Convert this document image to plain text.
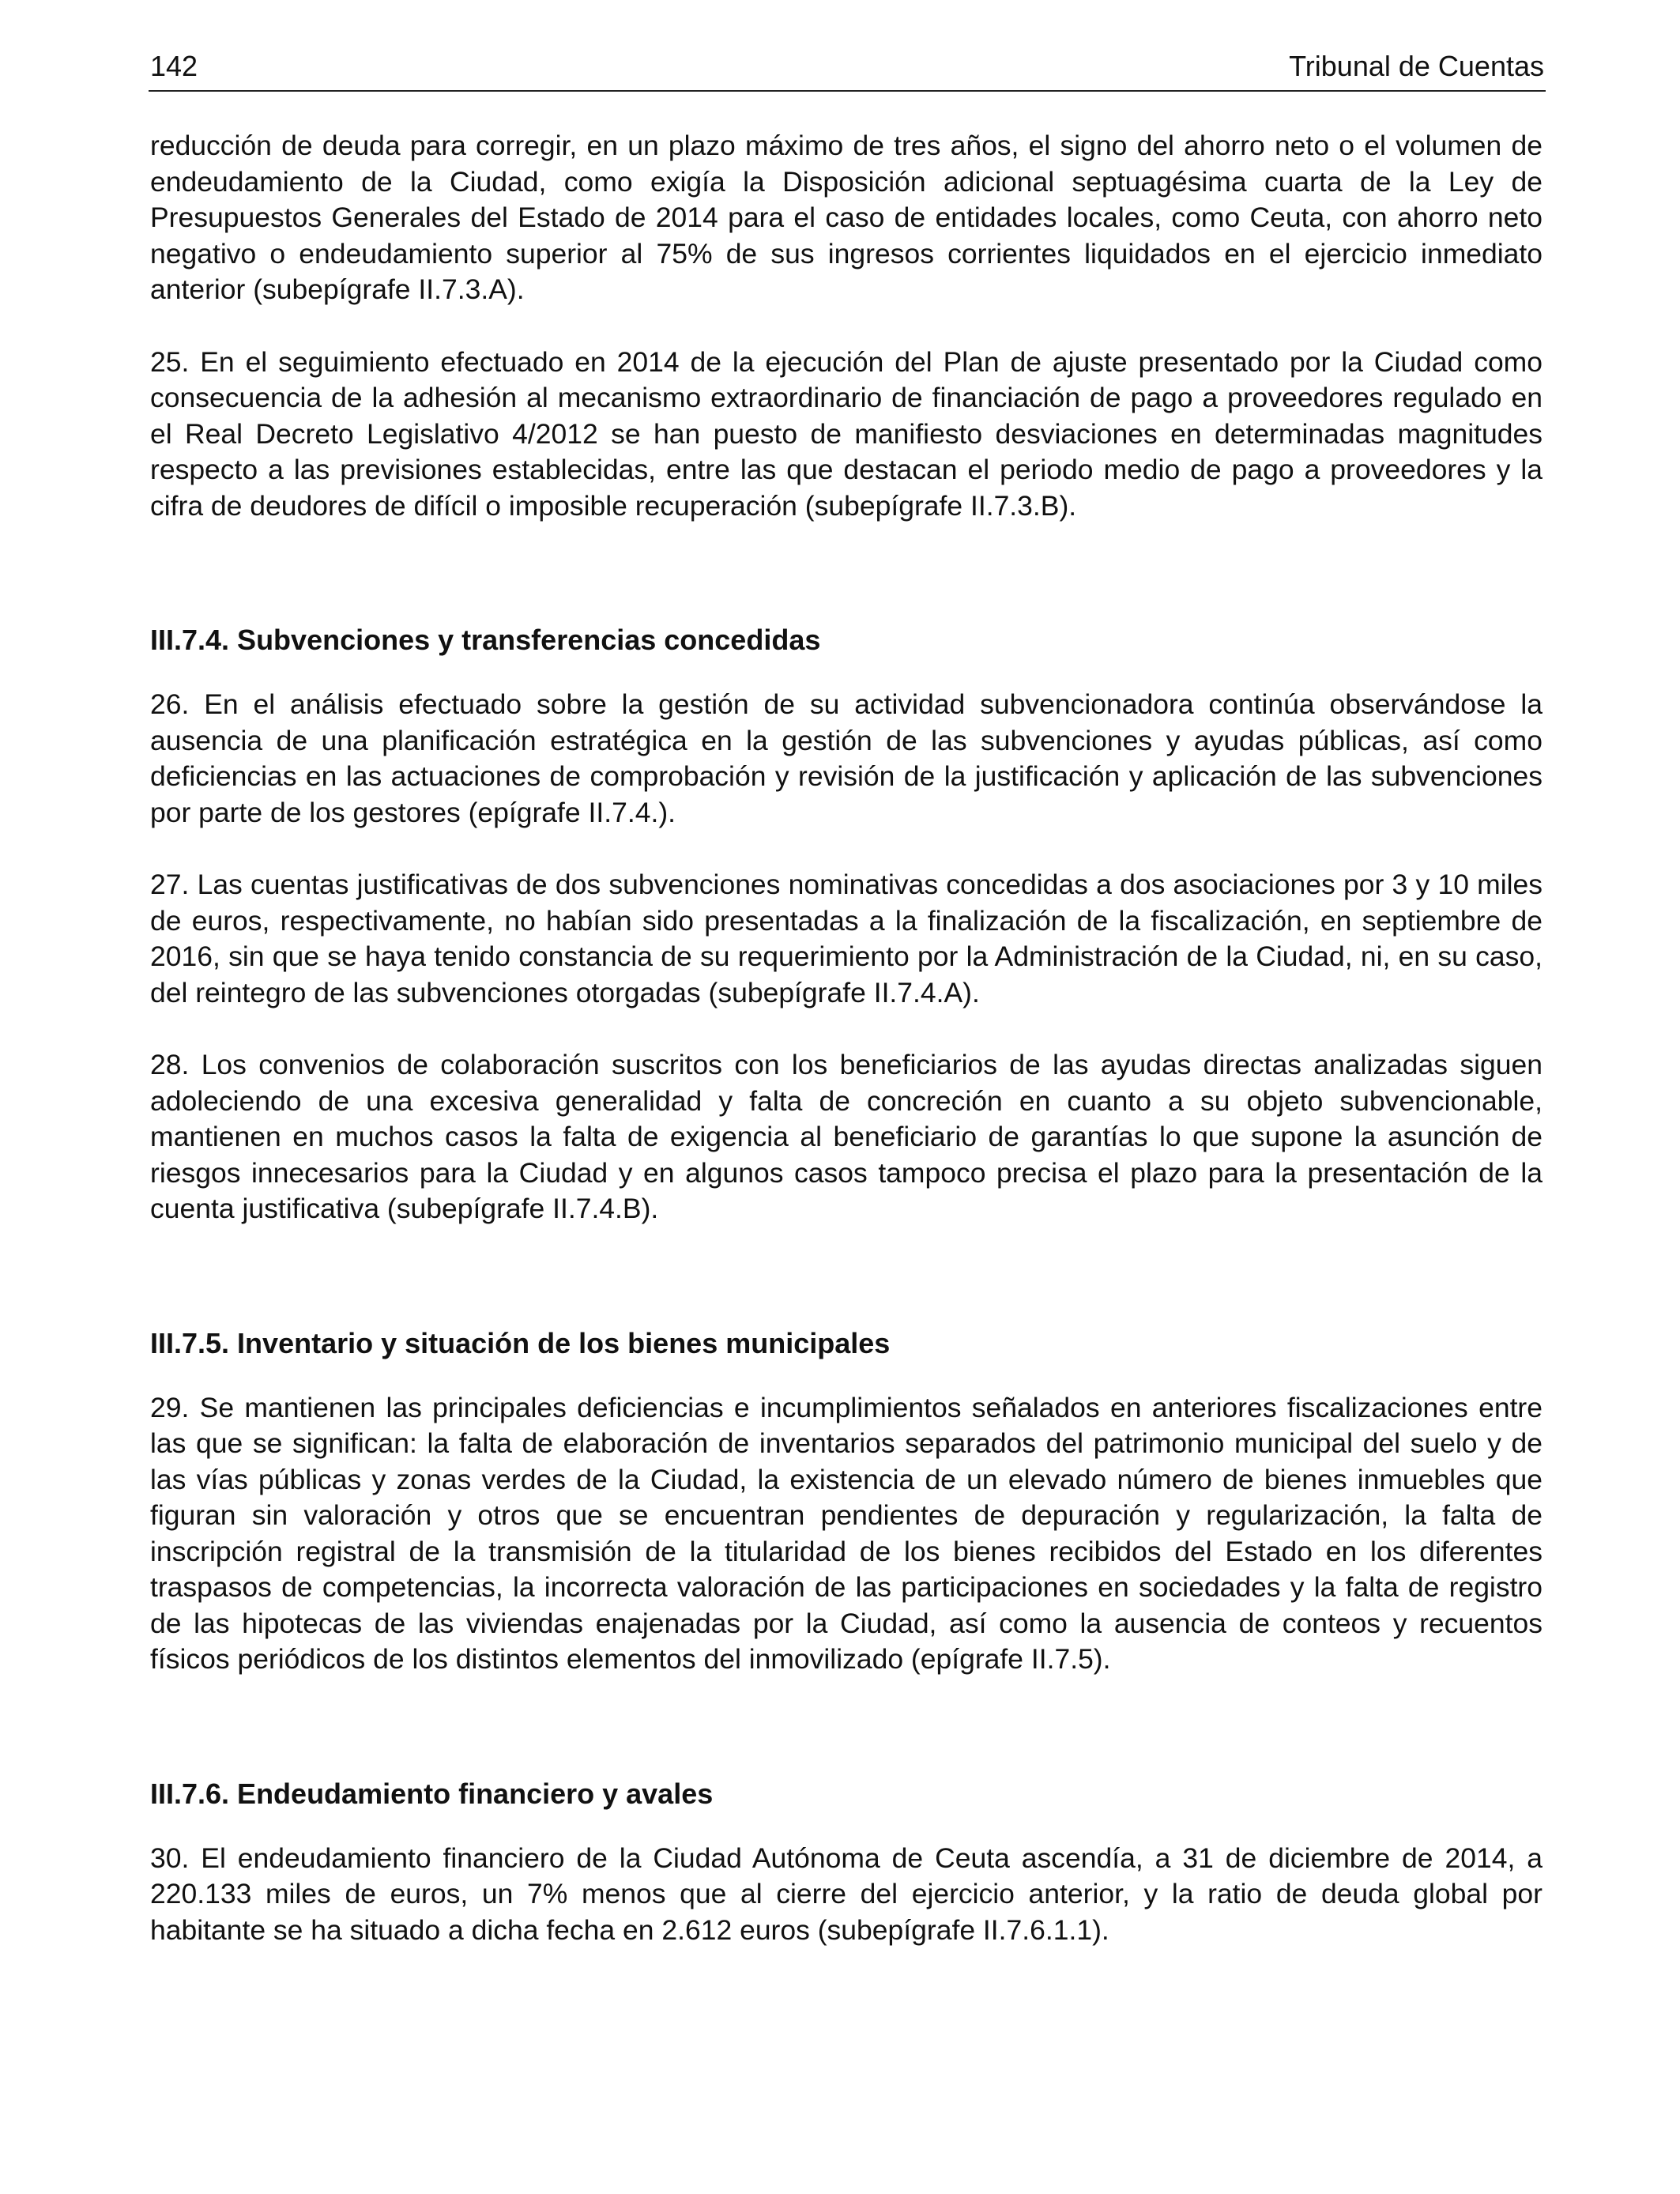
142	Tribunal de Cuentas

reducción de deuda para corregir, en un plazo máximo de tres años, el signo del ahorro neto o el volumen de endeudamiento de la Ciudad, como exigía la Disposición adicional septuagésima cuarta de la Ley de Presupuestos Generales del Estado de 2014 para el caso de entidades locales, como Ceuta, con ahorro neto negativo o endeudamiento superior al 75% de sus ingresos corrientes liquidados en el ejercicio inmediato anterior (subepígrafe II.7.3.A).

25. En el seguimiento efectuado en 2014 de la ejecución del Plan de ajuste presentado por la Ciudad como consecuencia de la adhesión al mecanismo extraordinario de financiación de pago a proveedores regulado en el Real Decreto Legislativo 4/2012 se han puesto de manifiesto desviaciones en determinadas magnitudes respecto a las previsiones establecidas, entre las que destacan el periodo medio de pago a proveedores y la cifra de deudores de difícil o imposible recuperación (subepígrafe II.7.3.B).

III.7.4. Subvenciones y transferencias concedidas

26. En el análisis efectuado sobre la gestión de su actividad subvencionadora continúa observándose la ausencia de una planificación estratégica en la gestión de las subvenciones y ayudas públicas, así como deficiencias en las actuaciones de comprobación y revisión de la justificación y aplicación de las subvenciones por parte de los gestores (epígrafe II.7.4.).

27. Las cuentas justificativas de dos subvenciones nominativas concedidas a dos asociaciones por 3 y 10 miles de euros, respectivamente, no habían sido presentadas a la finalización de la fiscalización, en septiembre de 2016, sin que se haya tenido constancia de su requerimiento por la Administración de la Ciudad, ni, en su caso, del reintegro de las subvenciones otorgadas (subepígrafe II.7.4.A).

28. Los convenios de colaboración suscritos con los beneficiarios de las ayudas directas analizadas siguen adoleciendo de una excesiva generalidad y falta de concreción en cuanto a su objeto subvencionable, mantienen en muchos casos la falta de exigencia al beneficiario de garantías lo que supone la asunción de riesgos innecesarios para la Ciudad y en algunos casos tampoco precisa el plazo para la presentación de la cuenta justificativa (subepígrafe II.7.4.B).

III.7.5. Inventario y situación de los bienes municipales

29. Se mantienen las principales deficiencias e incumplimientos señalados en anteriores fiscalizaciones entre las que se significan: la falta de elaboración de inventarios separados del patrimonio municipal del suelo y de las vías públicas y zonas verdes de la Ciudad, la existencia de un elevado número de bienes inmuebles que figuran sin valoración y otros que se encuentran pendientes de depuración y regularización, la falta de inscripción registral de la transmisión de la titularidad de los bienes recibidos del Estado en los diferentes traspasos de competencias, la incorrecta valoración de las participaciones en sociedades y la falta de registro de las hipotecas de las viviendas enajenadas por la Ciudad, así como la ausencia de conteos y recuentos físicos periódicos de los distintos elementos del inmovilizado (epígrafe II.7.5).

III.7.6. Endeudamiento financiero y avales

30. El endeudamiento financiero de la Ciudad Autónoma de Ceuta ascendía, a 31 de diciembre de 2014, a 220.133 miles de euros, un 7% menos que al cierre del ejercicio anterior, y la ratio de deuda global por habitante se ha situado a dicha fecha en 2.612 euros (subepígrafe II.7.6.1.1).
